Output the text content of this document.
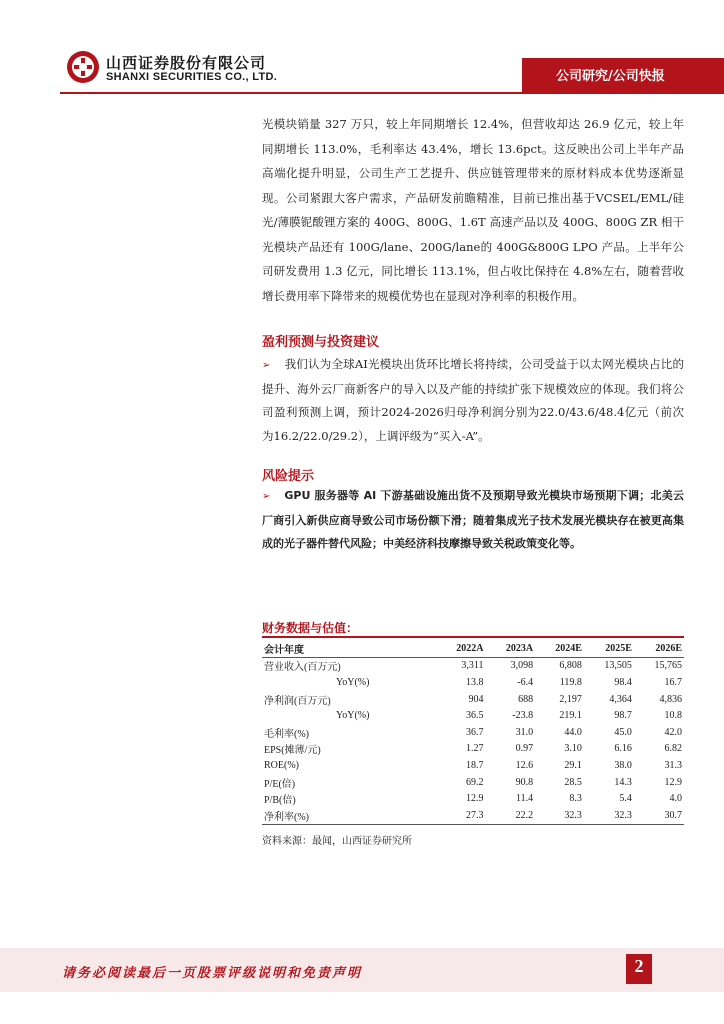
山西证券股份有限公司
SHANXI SECURITIES CO., LTD.	公司研究/公司快报
光模块销量 327 万只，较上年同期增长 12.4%，但营收却达 26.9 亿元，较上年同期增长 113.0%，毛利率达 43.4%，增长 13.6pct。这反映出公司上半年产品高端化提升明显，公司生产工艺提升、供应链管理带来的原材料成本优势逐渐显现。公司紧跟大客户需求，产品研发前瞻精准，目前已推出基于VCSEL/EML/硅光/薄膜铌酸锂方案的 400G、800G、1.6T 高速产品以及 400G、800G ZR 相干光模块产品还有 100G/lane、200G/lane的 400G&800G LPO 产品。上半年公司研发费用 1.3 亿元，同比增长 113.1%，但占收比保持在 4.8%左右，随着营收增长费用率下降带来的规模优势也在显现对净利率的积极作用。
盈利预测与投资建议
➢ 我们认为全球AI光模块出货环比增长将持续，公司受益于以太网光模块占比的提升、海外云厂商新客户的导入以及产能的持续扩张下规模效应的体现。我们将公司盈利预测上调，预计2024-2026归母净利润分别为22.0/43.6/48.4亿元（前次为16.2/22.0/29.2），上调评级为“买入-A”。
风险提示
➢ GPU 服务器等 AI 下游基础设施出货不及预期导致光模块市场预期下调；北美云厂商引入新供应商导致公司市场份额下滑；随着集成光子技术发展光模块存在被更高集成的光子器件替代风险；中美经济科技摩擦导致关税政策变化等。
财务数据与估值：
会计年度	2022A	2023A	2024E	2025E	2026E
营业收入(百万元)	3,311	3,098	6,808	13,505	15,765
YoY(%)	13.8	-6.4	119.8	98.4	16.7
净利润(百万元)	904	688	2,197	4,364	4,836
YoY(%)	36.5	-23.8	219.1	98.7	10.8
毛利率(%)	36.7	31.0	44.0	45.0	42.0
EPS(摊薄/元)	1.27	0.97	3.10	6.16	6.82
ROE(%)	18.7	12.6	29.1	38.0	31.3
P/E(倍)	69.2	90.8	28.5	14.3	12.9
P/B(倍)	12.9	11.4	8.3	5.4	4.0
净利率(%)	27.3	22.2	32.3	32.3	30.7
资料来源：最闻，山西证券研究所
请务必阅读最后一页股票评级说明和免责声明	2
